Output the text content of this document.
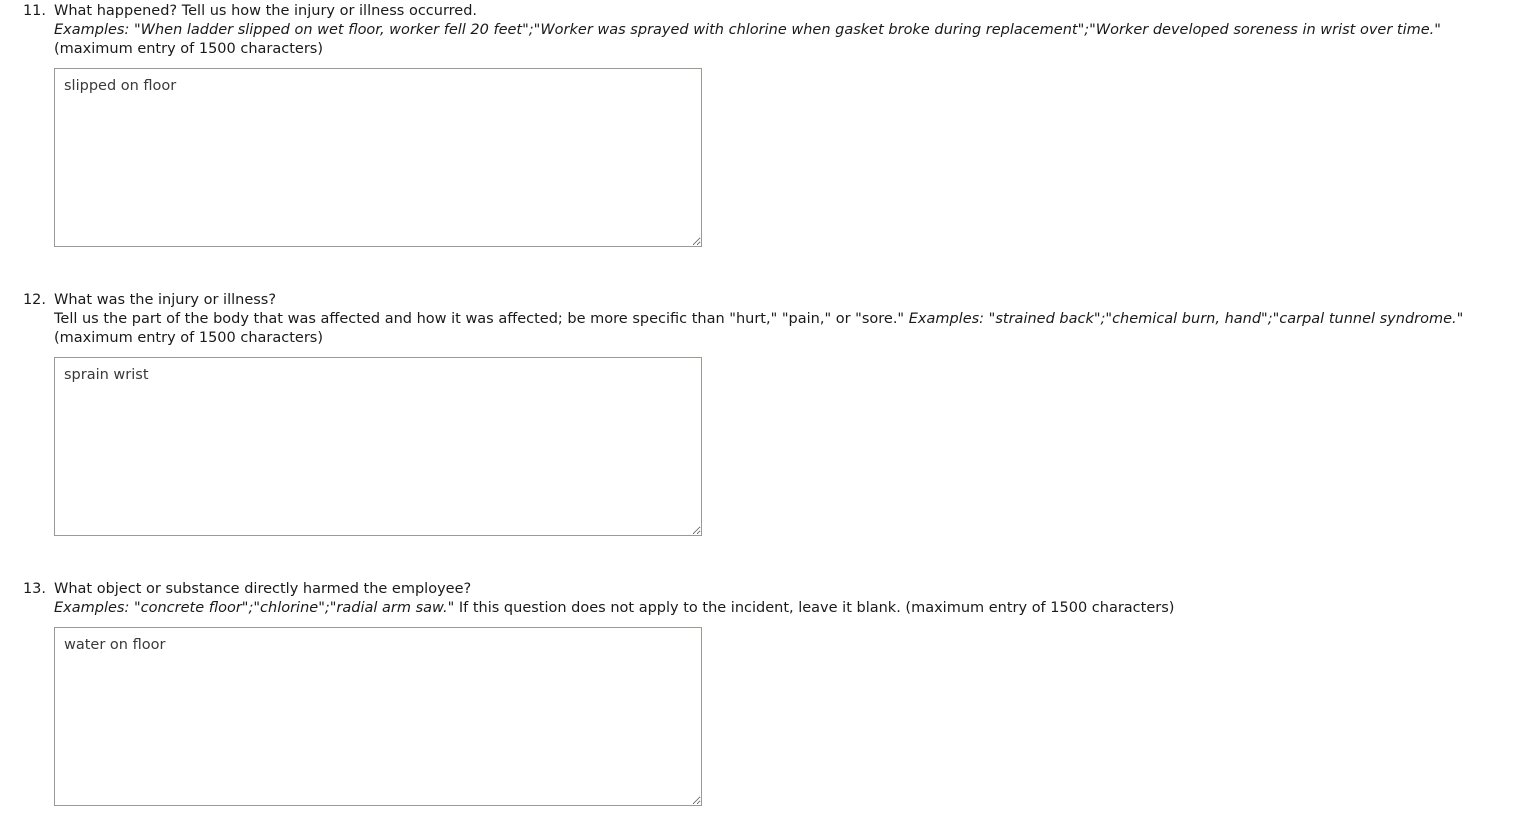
11. What happened? Tell us how the injury or illness occurred.
Examples: "When ladder slipped on wet floor, worker fell 20 feet";"Worker was sprayed with chlorine when gasket broke during replacement";"Worker developed soreness in wrist over time."
(maximum entry of 1500 characters)
slipped on floor
12. What was the injury or illness?
Tell us the part of the body that was affected and how it was affected; be more specific than "hurt," "pain," or "sore." Examples: "strained back";"chemical burn, hand";"carpal tunnel syndrome." (maximum entry of 1500 characters)
sprain wrist
13. What object or substance directly harmed the employee?
Examples: "concrete floor";"chlorine";"radial arm saw." If this question does not apply to the incident, leave it blank. (maximum entry of 1500 characters)
water on floor
